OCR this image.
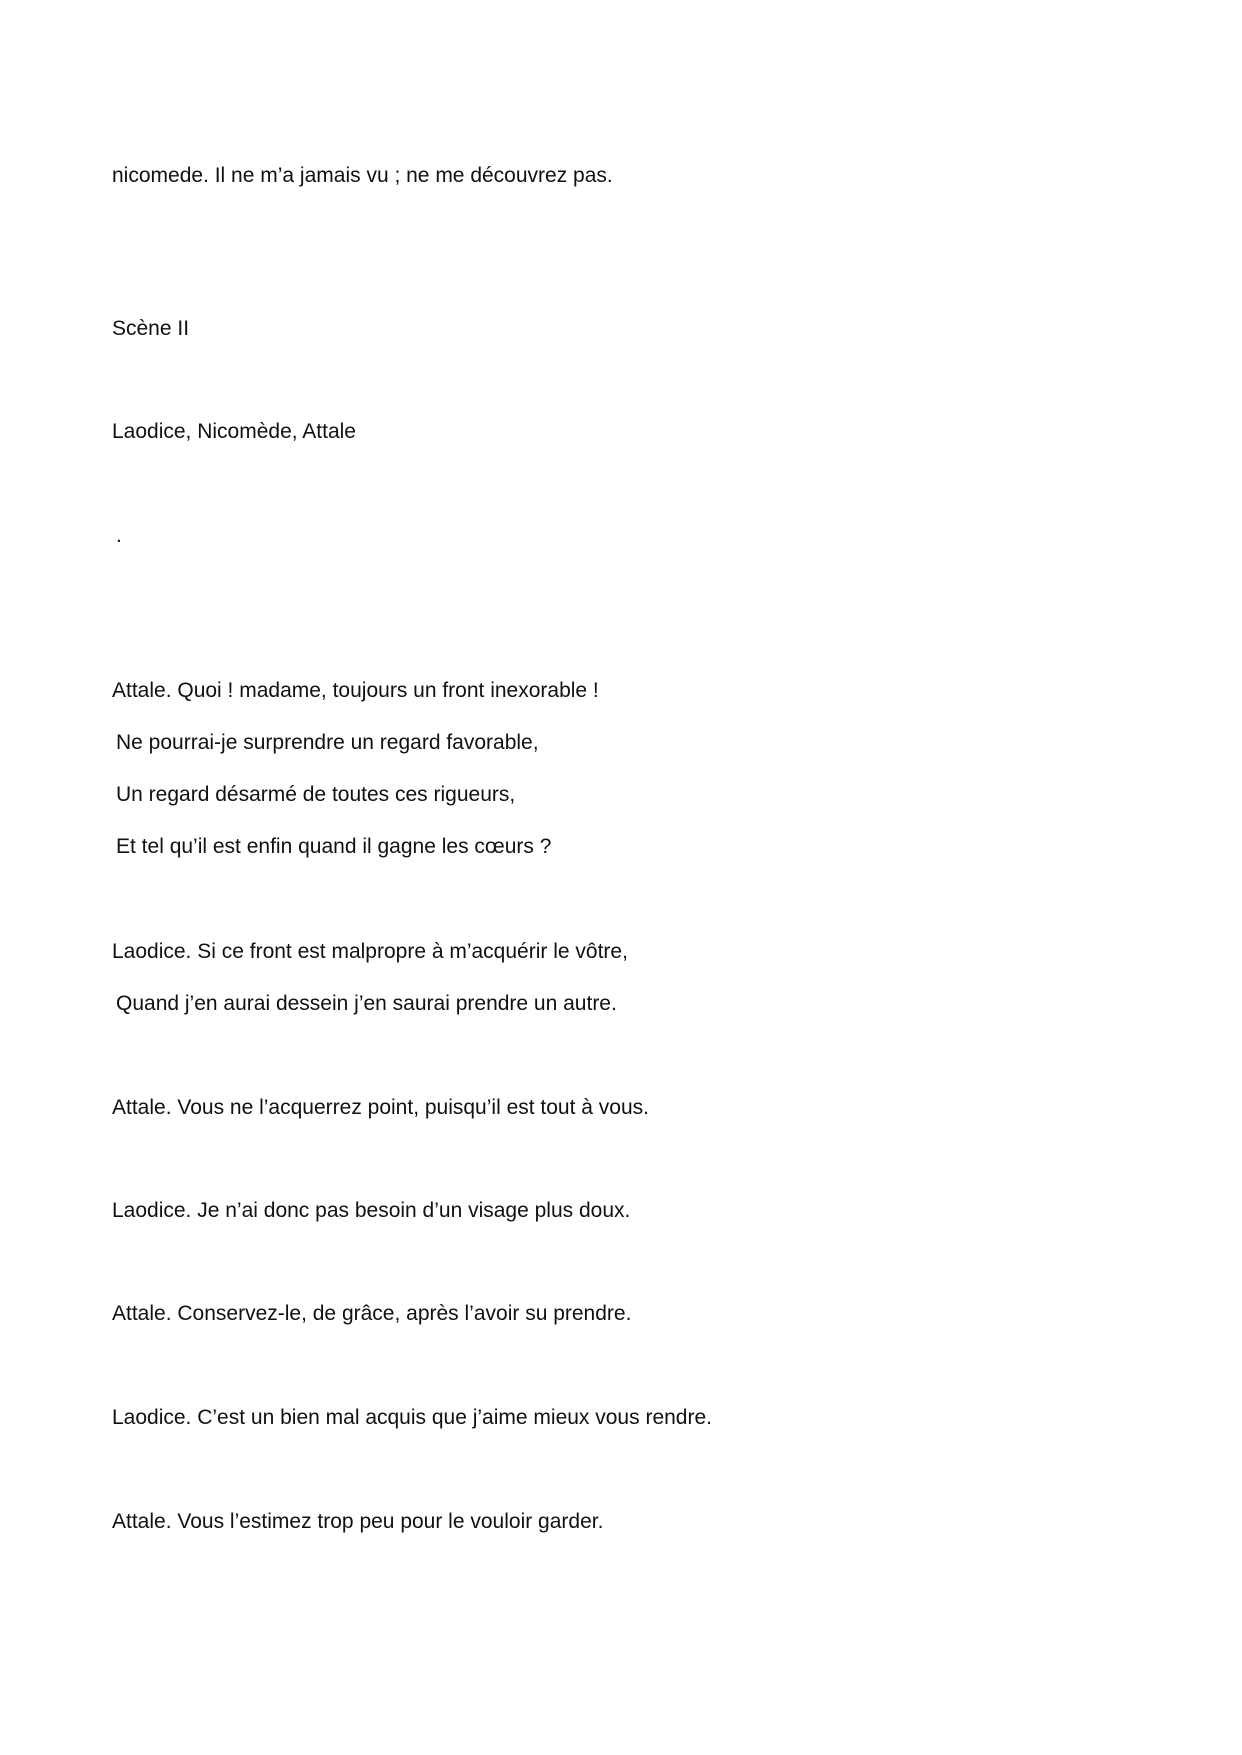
nicomede. Il ne m’a jamais vu ; ne me découvrez pas.
Scène II
Laodice, Nicomède, Attale
.
Attale. Quoi ! madame, toujours un front inexorable !
Ne pourrai-je surprendre un regard favorable,
Un regard désarmé de toutes ces rigueurs,
Et tel qu’il est enfin quand il gagne les cœurs ?
Laodice. Si ce front est malpropre à m’acquérir le vôtre,
Quand j’en aurai dessein j’en saurai prendre un autre.
Attale. Vous ne l’acquerrez point, puisqu’il est tout à vous.
Laodice. Je n’ai donc pas besoin d’un visage plus doux.
Attale. Conservez-le, de grâce, après l’avoir su prendre.
Laodice. C’est un bien mal acquis que j’aime mieux vous rendre.
Attale. Vous l’estimez trop peu pour le vouloir garder.
